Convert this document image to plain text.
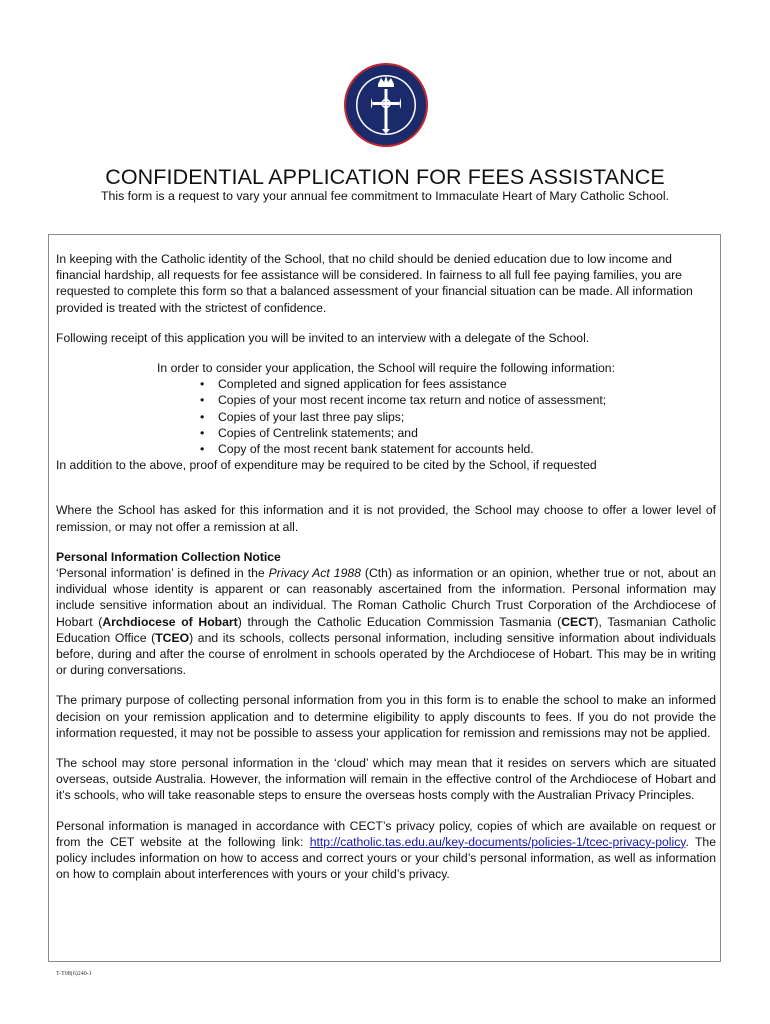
CONFIDENTIAL APPLICATION FOR FEES ASSISTANCE
This form is a request to vary your annual fee commitment to Immaculate Heart of Mary Catholic School.

In keeping with the Catholic identity of the School, that no child should be denied education due to low income and financial hardship, all requests for fee assistance will be considered. In fairness to all full fee paying families, you are requested to complete this form so that a balanced assessment of your financial situation can be made. All information provided is treated with the strictest of confidence.

Following receipt of this application you will be invited to an interview with a delegate of the School.

In order to consider your application, the School will require the following information:

• Completed and signed application for fees assistance
• Copies of your most recent income tax return and notice of assessment;
• Copies of your last three pay slips;
• Copies of Centrelink statements; and
• Copy of the most recent bank statement for accounts held.

In addition to the above, proof of expenditure may be required to be cited by the School, if requested

Where the School has asked for this information and it is not provided, the School may choose to offer a lower level of remission, or may not offer a remission at all.

Personal Information Collection Notice

‘Personal information’ is defined in the Privacy Act 1988 (Cth) as information or an opinion, whether true or not, about an individual whose identity is apparent or can reasonably ascertained from the information. Personal information may include sensitive information about an individual. The Roman Catholic Church Trust Corporation of the Archdiocese of Hobart (Archdiocese of Hobart) through the Catholic Education Commission Tasmania (CECT), Tasmanian Catholic Education Office (TCEO) and its schools, collects personal information, including sensitive information about individuals before, during and after the course of enrolment in schools operated by the Archdiocese of Hobart. This may be in writing or during conversations.

The primary purpose of collecting personal information from you in this form is to enable the school to make an informed decision on your remission application and to determine eligibility to apply discounts to fees. If you do not provide the information requested, it may not be possible to assess your application for remission and remissions may not be applied.

The school may store personal information in the ‘cloud’ which may mean that it resides on servers which are situated overseas, outside Australia. However, the information will remain in the effective control of the Archdiocese of Hobart and it’s schools, who will take reasonable steps to ensure the overseas hosts comply with the Australian Privacy Principles.

Personal information is managed in accordance with CECT’s privacy policy, copies of which are available on request or from the CET website at the following link: http://catholic.tas.edu.au/key-documents/policies-1/tcec-privacy-policy. The policy includes information on how to access and correct yours or your child’s personal information, as well as information on how to complain about interferences with yours or your child’s privacy.

T-T08(6)240-1
